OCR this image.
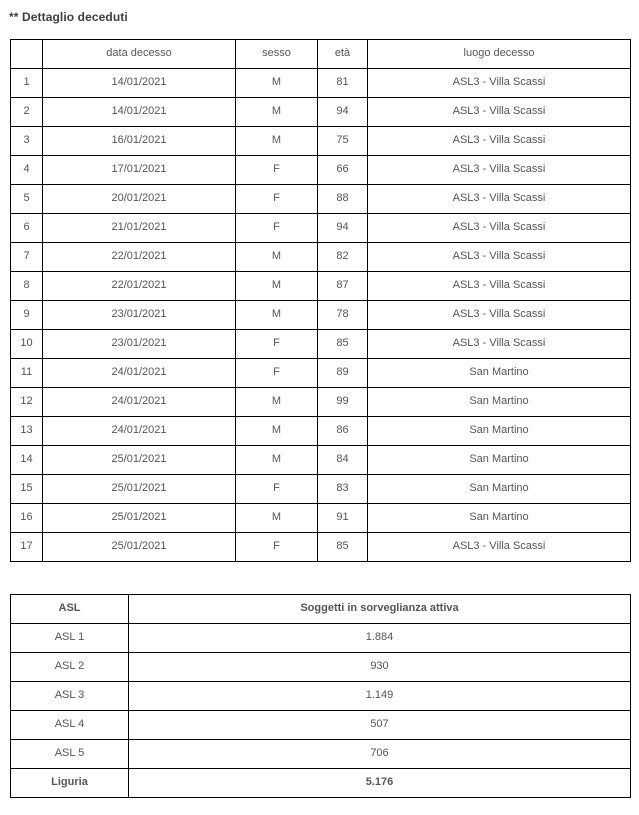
** Dettaglio deceduti

	data decesso	sesso	età	luogo decesso
1	14/01/2021	M	81	ASL3 - Villa Scassi
2	14/01/2021	M	94	ASL3 - Villa Scassi
3	16/01/2021	M	75	ASL3 - Villa Scassi
4	17/01/2021	F	66	ASL3 - Villa Scassi
5	20/01/2021	F	88	ASL3 - Villa Scassi
6	21/01/2021	F	94	ASL3 - Villa Scassi
7	22/01/2021	M	82	ASL3 - Villa Scassi
8	22/01/2021	M	87	ASL3 - Villa Scassi
9	23/01/2021	M	78	ASL3 - Villa Scassi
10	23/01/2021	F	85	ASL3 - Villa Scassi
11	24/01/2021	F	89	San Martino
12	24/01/2021	M	99	San Martino
13	24/01/2021	M	86	San Martino
14	25/01/2021	M	84	San Martino
15	25/01/2021	F	83	San Martino
16	25/01/2021	M	91	San Martino
17	25/01/2021	F	85	ASL3 - Villa Scassi
ASL	Soggetti in sorveglianza attiva
ASL 1	1.884
ASL 2	930
ASL 3	1.149
ASL 4	507
ASL 5	706
Liguria	5.176
